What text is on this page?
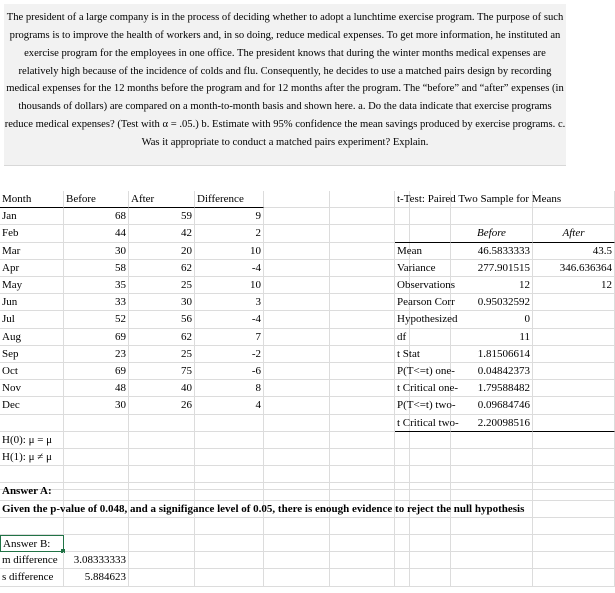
The president of a large company is in the process of deciding whether to adopt a lunchtime exercise program. The purpose of such programs is to improve the health of workers and, in so doing, reduce medical expenses. To get more information, he instituted an exercise program for the employees in one office. The president knows that during the winter months medical expenses are relatively high because of the incidence of colds and flu. Consequently, he decides to use a matched pairs design by recording medical expenses for the 12 months before the program and for 12 months after the program. The “before” and “after” expenses (in thousands of dollars) are compared on a month-to-month basis and shown here. a. Do the data indicate that exercise programs reduce medical expenses? (Test with α = .05.) b. Estimate with 95% confidence the mean savings produced by exercise programs. c. Was it appropriate to conduct a matched pairs experiment? Explain.

Month	Before	After	Difference
Jan	68	59	9
Feb	44	42	2
Mar	30	20	10
Apr	58	62	-4
May	35	25	10
Jun	33	30	3
Jul	52	56	-4
Aug	69	62	7
Sep	23	25	-2
Oct	69	75	-6
Nov	48	40	8
Dec	30	26	4
t-Test: Paired Two Sample for Means
Before	After
Mean	46.5833333	43.5
Variance	277.901515	346.636364
Observations	12	12
Pearson Corr	0.95032592
Hypothesized	0
df	11
t Stat	1.81506614
P(T<=t) one-	0.04842373
t Critical one-	1.79588482
P(T<=t) two-	0.09684746
t Critical two-	2.20098516
H(0): μ = μ
H(1): μ ≠ μ
Answer A:
Given the p-value of 0.048, and a signifigance level of 0.05, there is enough evidence to reject the null hypothesis
Answer B:
m difference	3.08333333
s difference	5.884623
